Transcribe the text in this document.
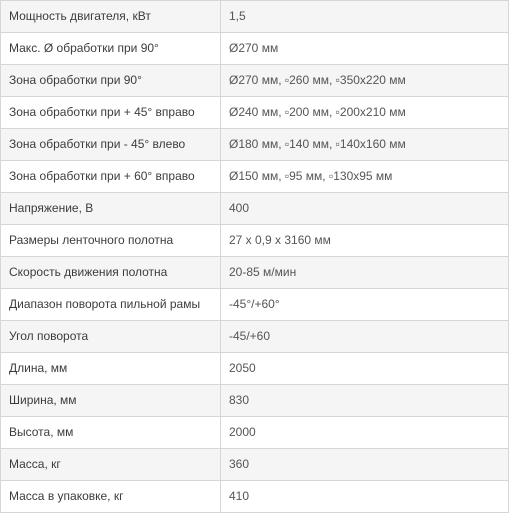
Мощность двигателя, кВт	1,5
Макс. Ø обработки при 90°	Ø270 мм
Зона обработки при 90°	Ø270 мм, ▫260 мм, ▫350x220 мм
Зона обработки при + 45° вправо	Ø240 мм, ▫200 мм, ▫200x210 мм
Зона обработки при - 45° влево	Ø180 мм, ▫140 мм, ▫140x160 мм
Зона обработки при + 60° вправо	Ø150 мм, ▫95 мм, ▫130x95 мм
Напряжение, В	400
Размеры ленточного полотна	27 x 0,9 x 3160 мм
Скорость движения полотна	20-85 м/мин
Диапазон поворота пильной рамы	-45°/+60°
Угол поворота	-45/+60
Длина, мм	2050
Ширина, мм	830
Высота, мм	2000
Масса, кг	360
Масса в упаковке, кг	410
